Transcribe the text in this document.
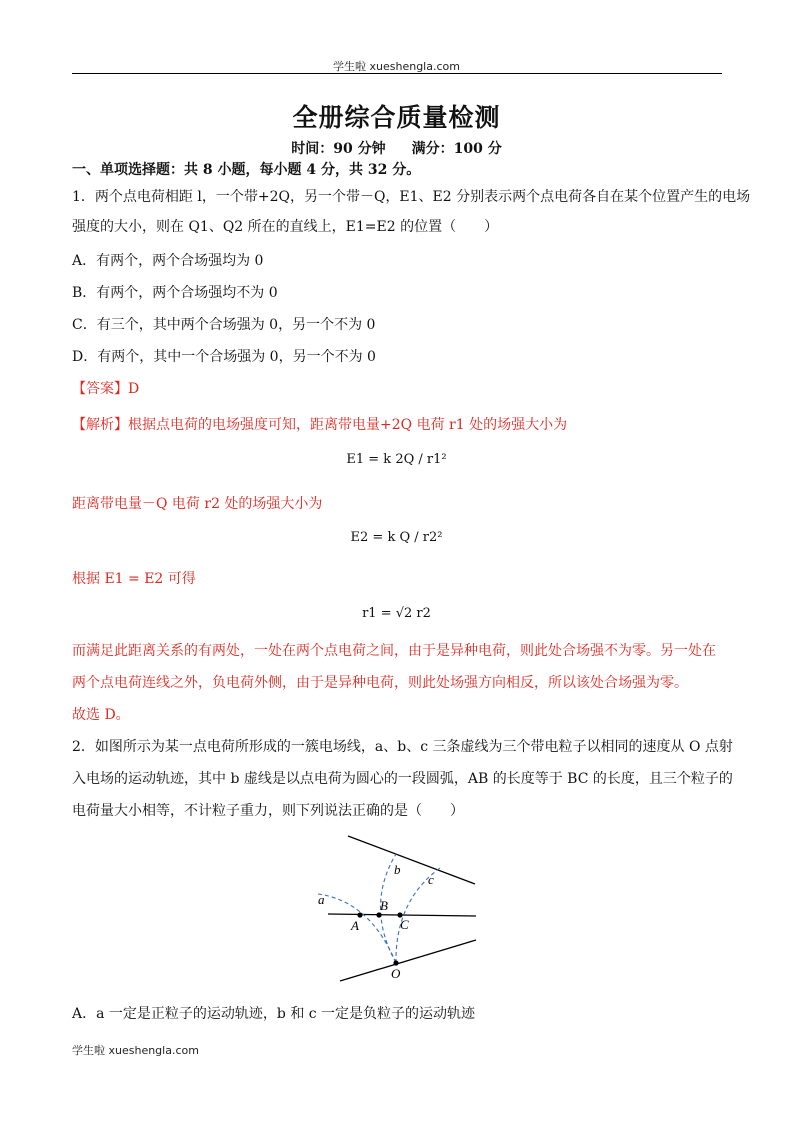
学生啦 xueshengla.com
全册综合质量检测
时间：90 分钟 满分：100 分
一、单项选择题：共 8 小题，每小题 4 分，共 32 分。
1．两个点电荷相距 l，一个带+2Q，另一个带－Q，E1、E2 分别表示两个点电荷各自在某个位置产生的电场
强度的大小，则在 Q1、Q2 所在的直线上，E1=E2 的位置（　　）
A．有两个，两个合场强均为 0
B．有两个，两个合场强均不为 0
C．有三个，其中两个合场强为 0，另一个不为 0
D．有两个，其中一个合场强为 0，另一个不为 0
【答案】D
【解析】根据点电荷的电场强度可知，距离带电量+2Q 电荷 r1 处的场强大小为
E1 = k 2Q / r1²
距离带电量－Q 电荷 r2 处的场强大小为
E2 = k Q / r2²
根据 E1 = E2 可得
r1 = √2 r2
而满足此距离关系的有两处，一处在两个点电荷之间，由于是异种电荷，则此处合场强不为零。另一处在
两个点电荷连线之外，负电荷外侧，由于是异种电荷，则此处场强方向相反，所以该处合场强为零。
故选 D。
2．如图所示为某一点电荷所形成的一簇电场线，a、b、c 三条虚线为三个带电粒子以相同的速度从 O 点射
入电场的运动轨迹，其中 b 虚线是以点电荷为圆心的一段圆弧，AB 的长度等于 BC 的长度，且三个粒子的
电荷量大小相等，不计粒子重力，则下列说法正确的是（　　）
a
b
c
A
B
C
O
A．a 一定是正粒子的运动轨迹，b 和 c 一定是负粒子的运动轨迹
学生啦 xueshengla.com
